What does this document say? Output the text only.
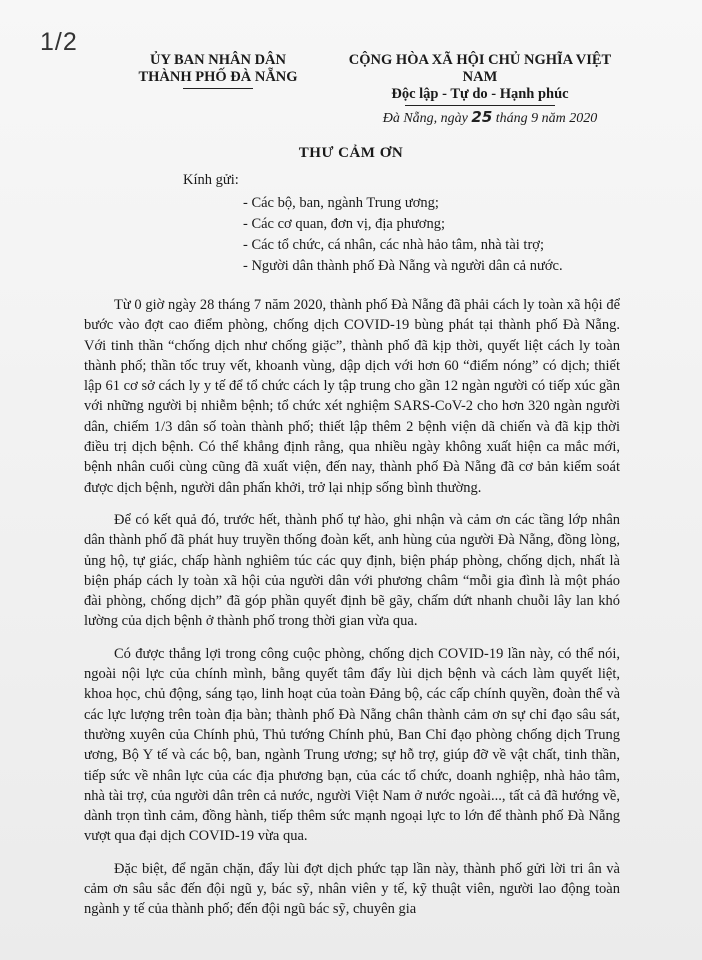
1/2
ỦY BAN NHÂN DÂN
THÀNH PHỐ ĐÀ NẴNG
CỘNG HÒA XÃ HỘI CHỦ NGHĨA VIỆT NAM
Độc lập - Tự do - Hạnh phúc
Đà Nẵng, ngày 25 tháng 9 năm 2020
THƯ CẢM ƠN
Kính gửi:
- Các bộ, ban, ngành Trung ương;
- Các cơ quan, đơn vị, địa phương;
- Các tổ chức, cá nhân, các nhà hảo tâm, nhà tài trợ;
- Người dân thành phố Đà Nẵng và người dân cả nước.

Từ 0 giờ ngày 28 tháng 7 năm 2020, thành phố Đà Nẵng đã phải cách ly toàn xã hội để bước vào đợt cao điểm phòng, chống dịch COVID-19 bùng phát tại thành phố Đà Nẵng. Với tinh thần “chống dịch như chống giặc”, thành phố đã kịp thời, quyết liệt cách ly toàn thành phố; thần tốc truy vết, khoanh vùng, dập dịch với hơn 60 “điểm nóng” có dịch; thiết lập 61 cơ sở cách ly y tế để tổ chức cách ly tập trung cho gần 12 ngàn người có tiếp xúc gần với những người bị nhiễm bệnh; tổ chức xét nghiệm SARS-CoV-2 cho hơn 320 ngàn người dân, chiếm 1/3 dân số toàn thành phố; thiết lập thêm 2 bệnh viện dã chiến và đã kịp thời điều trị dịch bệnh. Có thể khẳng định rằng, qua nhiều ngày không xuất hiện ca mắc mới, bệnh nhân cuối cùng cũng đã xuất viện, đến nay, thành phố Đà Nẵng đã cơ bản kiểm soát được dịch bệnh, người dân phấn khởi, trở lại nhịp sống bình thường.

Để có kết quả đó, trước hết, thành phố tự hào, ghi nhận và cảm ơn các tầng lớp nhân dân thành phố đã phát huy truyền thống đoàn kết, anh hùng của người Đà Nẵng, đồng lòng, ủng hộ, tự giác, chấp hành nghiêm túc các quy định, biện pháp phòng, chống dịch, nhất là biện pháp cách ly toàn xã hội của người dân với phương châm “mỗi gia đình là một pháo đài phòng, chống dịch” đã góp phần quyết định bẽ gãy, chấm dứt nhanh chuỗi lây lan khó lường của dịch bệnh ở thành phố trong thời gian vừa qua.

Có được thắng lợi trong công cuộc phòng, chống dịch COVID-19 lần này, có thể nói, ngoài nội lực của chính mình, bằng quyết tâm đẩy lùi dịch bệnh và cách làm quyết liệt, khoa học, chủ động, sáng tạo, linh hoạt của toàn Đảng bộ, các cấp chính quyền, đoàn thể và các lực lượng trên toàn địa bàn; thành phố Đà Nẵng chân thành cảm ơn sự chỉ đạo sâu sát, thường xuyên của Chính phủ, Thủ tướng Chính phủ, Ban Chỉ đạo phòng chống dịch Trung ương, Bộ Y tế và các bộ, ban, ngành Trung ương; sự hỗ trợ, giúp đỡ về vật chất, tinh thần, tiếp sức về nhân lực của các địa phương bạn, của các tổ chức, doanh nghiệp, nhà hảo tâm, nhà tài trợ, của người dân trên cả nước, người Việt Nam ở nước ngoài..., tất cả đã hướng về, dành trọn tình cảm, đồng hành, tiếp thêm sức mạnh ngoại lực to lớn để thành phố Đà Nẵng vượt qua đại dịch COVID-19 vừa qua.

Đặc biệt, để ngăn chặn, đẩy lùi đợt dịch phức tạp lần này, thành phố gửi lời tri ân và cảm ơn sâu sắc đến đội ngũ y, bác sỹ, nhân viên y tế, kỹ thuật viên, người lao động toàn ngành y tế của thành phố; đến đội ngũ bác sỹ, chuyên gia
